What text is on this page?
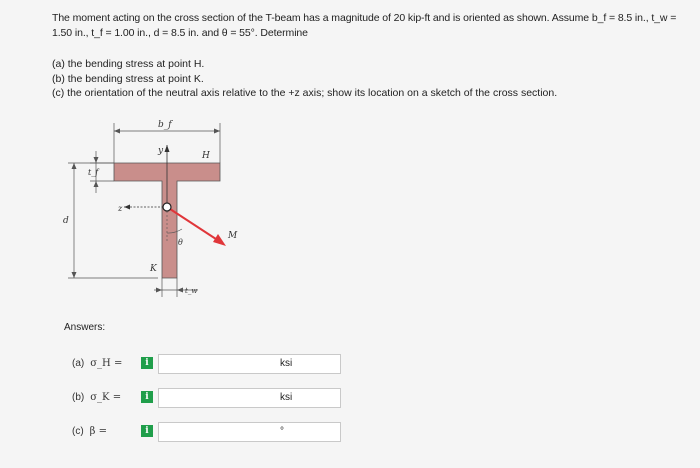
The moment acting on the cross section of the T-beam has a magnitude of 20 kip-ft and is oriented as shown. Assume b_f = 8.5 in., t_w = 1.50 in., t_f = 1.00 in., d = 8.5 in. and θ = 55°. Determine
(a) the bending stress at point H.
(b) the bending stress at point K.
(c) the orientation of the neutral axis relative to the +z axis; show its location on a sketch of the cross section.
b_f
y	H
t_f
d
z
θ
M
K
t_w
Answers:
(a) σ_H =	i	ksi
(b) σ_K =	i	ksi
(c) β =	i	°
